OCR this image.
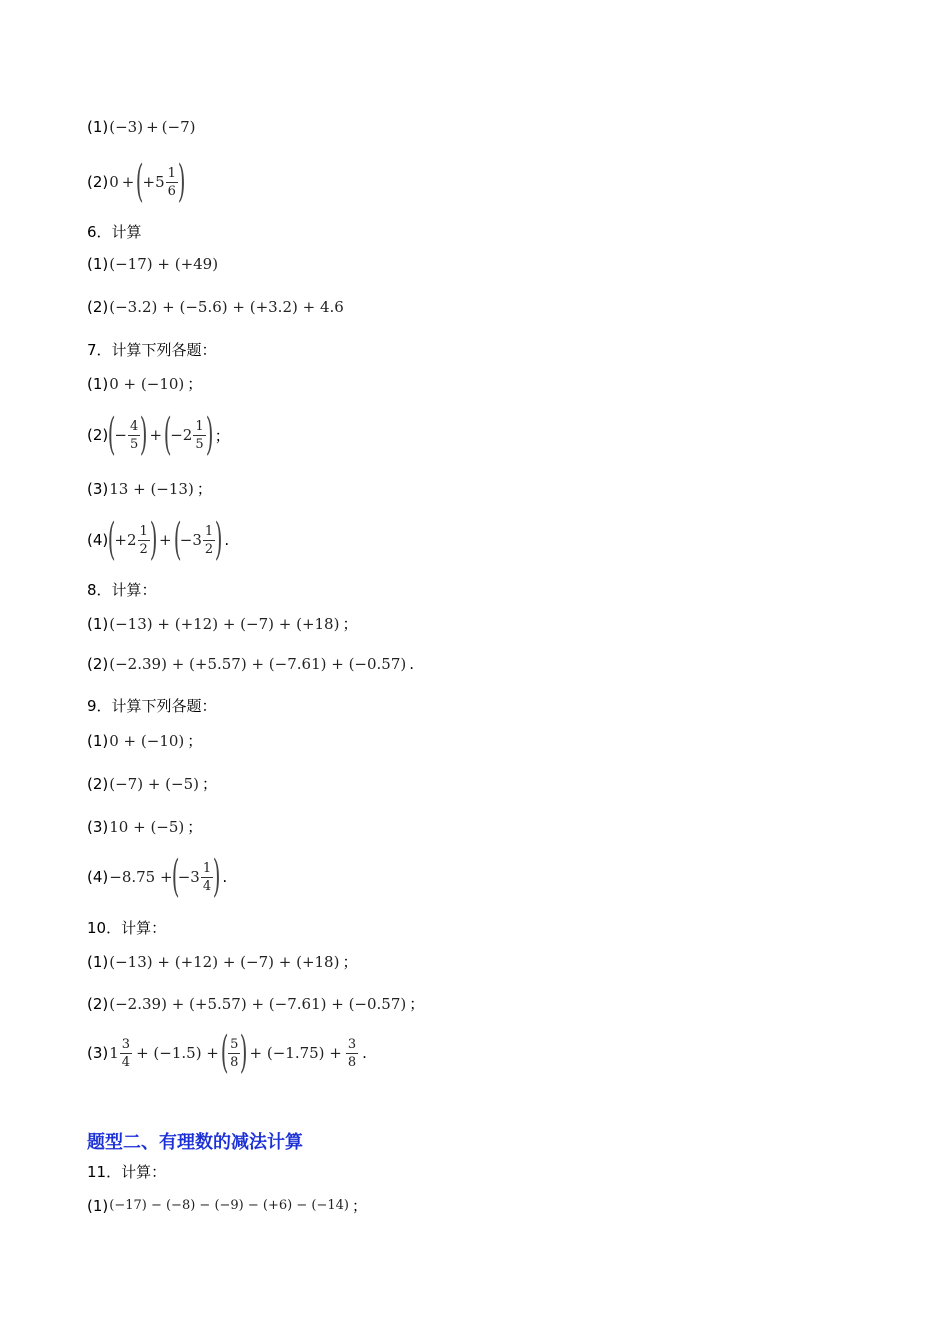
(1) (−3) + (−7)
(2) 0 + (
$+5 \frac{1}{6}$ )
6．计算
(1) (−17) + (+49)
(2) (−3.2) + (−5.6) + (+3.2) + 4.6
7．计算下列各题：
(1) 0 + (−10) ；
(2) (
− $\frac{4}{5}$ ) + (
$-2 \frac{1}{5}$ ) ；
(3) 13 + (−13) ；
(4) (
$+2 \frac{1}{2}$ ) + (
$-3 \frac{1}{2}$ ) .
8．计算：
(1) (−13) + (+12) + (−7) + (+18) ；
(2) (−2.39) + (+5.57) + (−7.61) + (−0.57) .
9．计算下列各题：
(1) 0 + (−10) ；
(2) (−7) + (−5) ；
(3) 10 + (−5) ；
(4) −8.75 +
(
$-3 \frac{1}{4}$ ) .
10．计算：
(1) (−13) + (+12) + (−7) + (+18) ；
(2) (−2.39) + (+5.57) + (−7.61) + (−0.57) ；
(3) $1 \frac{3}{4} + (-1.5)$ + ( $\frac{5}{8}$ ) + $(-1.75) + \frac{3}{8}$ .
题型二、有理数的减法计算
11．计算：
(1) (−17) − (−8) − (−9) − (+6) − (−14) ；
